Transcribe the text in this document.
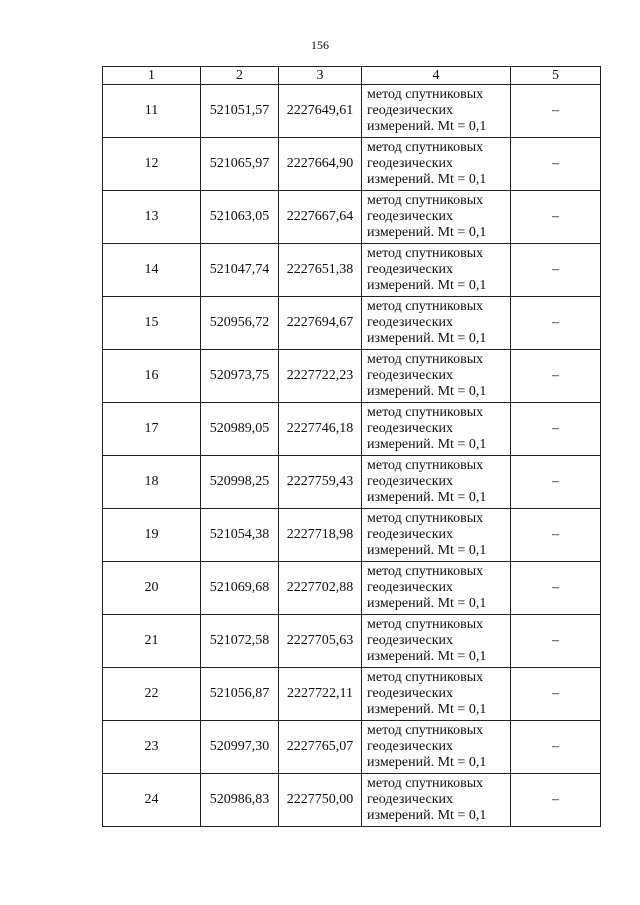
156
1	2	3	4	5
11	521051,57	2227649,61	метод спутниковых
геодезических
измерений. Mt = 0,1	–
12	521065,97	2227664,90	метод спутниковых
геодезических
измерений. Mt = 0,1	–
13	521063,05	2227667,64	метод спутниковых
геодезических
измерений. Mt = 0,1	–
14	521047,74	2227651,38	метод спутниковых
геодезических
измерений. Mt = 0,1	–
15	520956,72	2227694,67	метод спутниковых
геодезических
измерений. Mt = 0,1	–
16	520973,75	2227722,23	метод спутниковых
геодезических
измерений. Mt = 0,1	–
17	520989,05	2227746,18	метод спутниковых
геодезических
измерений. Mt = 0,1	–
18	520998,25	2227759,43	метод спутниковых
геодезических
измерений. Mt = 0,1	–
19	521054,38	2227718,98	метод спутниковых
геодезических
измерений. Mt = 0,1	–
20	521069,68	2227702,88	метод спутниковых
геодезических
измерений. Mt = 0,1	–
21	521072,58	2227705,63	метод спутниковых
геодезических
измерений. Mt = 0,1	–
22	521056,87	2227722,11	метод спутниковых
геодезических
измерений. Mt = 0,1	–
23	520997,30	2227765,07	метод спутниковых
геодезических
измерений. Mt = 0,1	–
24	520986,83	2227750,00	метод спутниковых
геодезических
измерений. Mt = 0,1	–
